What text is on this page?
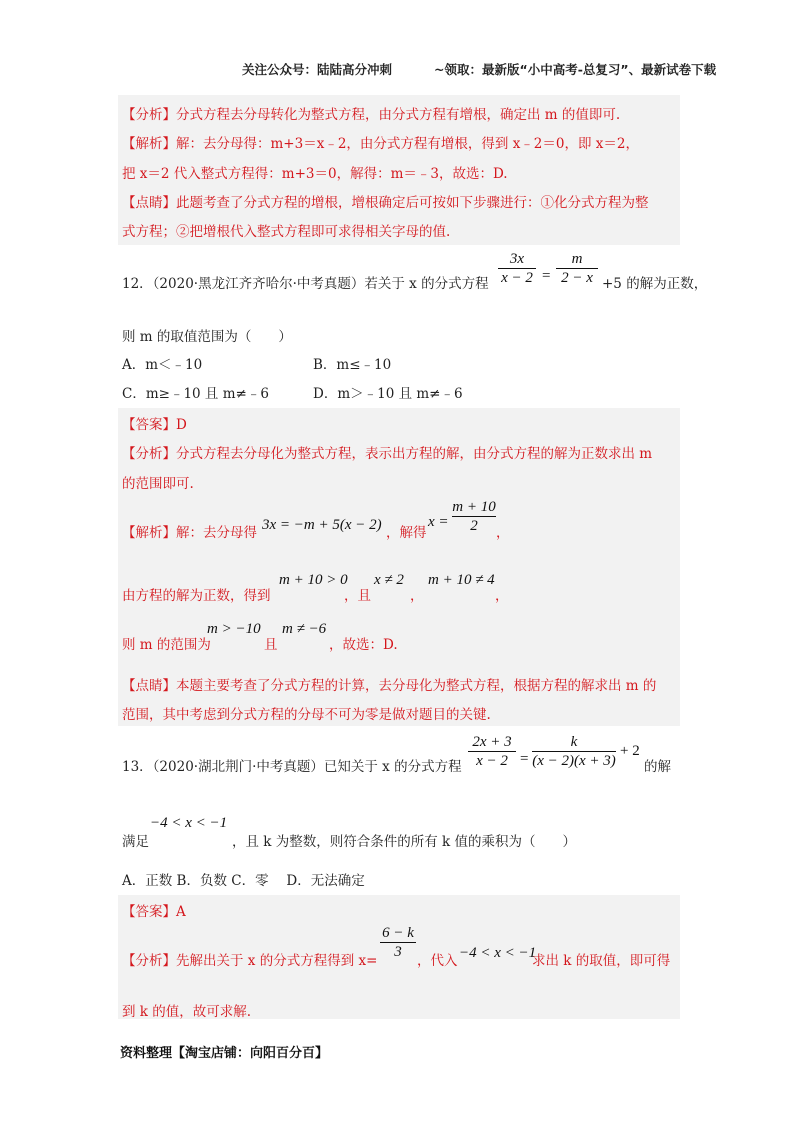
关注公众号：陆陆高分冲刺	~领取：最新版“小中高考-总复习”、最新试卷下载
【分析】分式方程去分母转化为整式方程，由分式方程有增根，确定出 m 的值即可.
【解析】解：去分母得：m+3＝x﹣2，由分式方程有增根，得到 x﹣2＝0，即 x＝2，
把 x＝2 代入整式方程得：m+3＝0，解得：m＝﹣3，故选：D.
【点睛】此题考查了分式方程的增根，增根确定后可按如下步骤进行：①化分式方程为整
式方程；②把增根代入整式方程即可求得相关字母的值.
12．（2020·黑龙江齐齐哈尔·中考真题）若关于 x 的分式方程
3x
x − 2 =
m
2 − x +5 的解为正数，
则 m 的取值范围为（　　）
A．m＜﹣10	B．m≤﹣10
C．m≥﹣10 且 m≠﹣6	D．m＞﹣10 且 m≠﹣6
【答案】D
【分析】分式方程去分母化为整式方程，表示出方程的解，由分式方程的解为正数求出 m
的范围即可.
【解析】解：去分母得 3x = −m + 5(x − 2) ，解得
x =
m + 10
2	，
由方程的解为正数，得到
m + 10 > 0
，且
x ≠ 2
，
m + 10 ≠ 4
，
则 m 的范围为
m > −10
且
m ≠ −6
，故选：D.
【点睛】本题主要考查了分式方程的计算，去分母化为整式方程，根据方程的解求出 m 的
范围，其中考虑到分式方程的分母不可为零是做对题目的关键.
13．（2020·湖北荆门·中考真题）已知关于 x 的分式方程
2x + 3
x − 2 =
k
(x − 2)(x + 3)
+ 2
的解
满足
−4 < x < −1
，且 k 为整数，则符合条件的所有 k 值的乘积为（　　）
A．正数 B．负数 C．零　 D．无法确定
【答案】A
【分析】先解出关于 x 的分式方程得到 x=
6 − k
3
，代入 −4 < x < −1
求出 k 的取值，即可得
到 k 的值，故可求解.
资料整理【淘宝店铺：向阳百分百】
